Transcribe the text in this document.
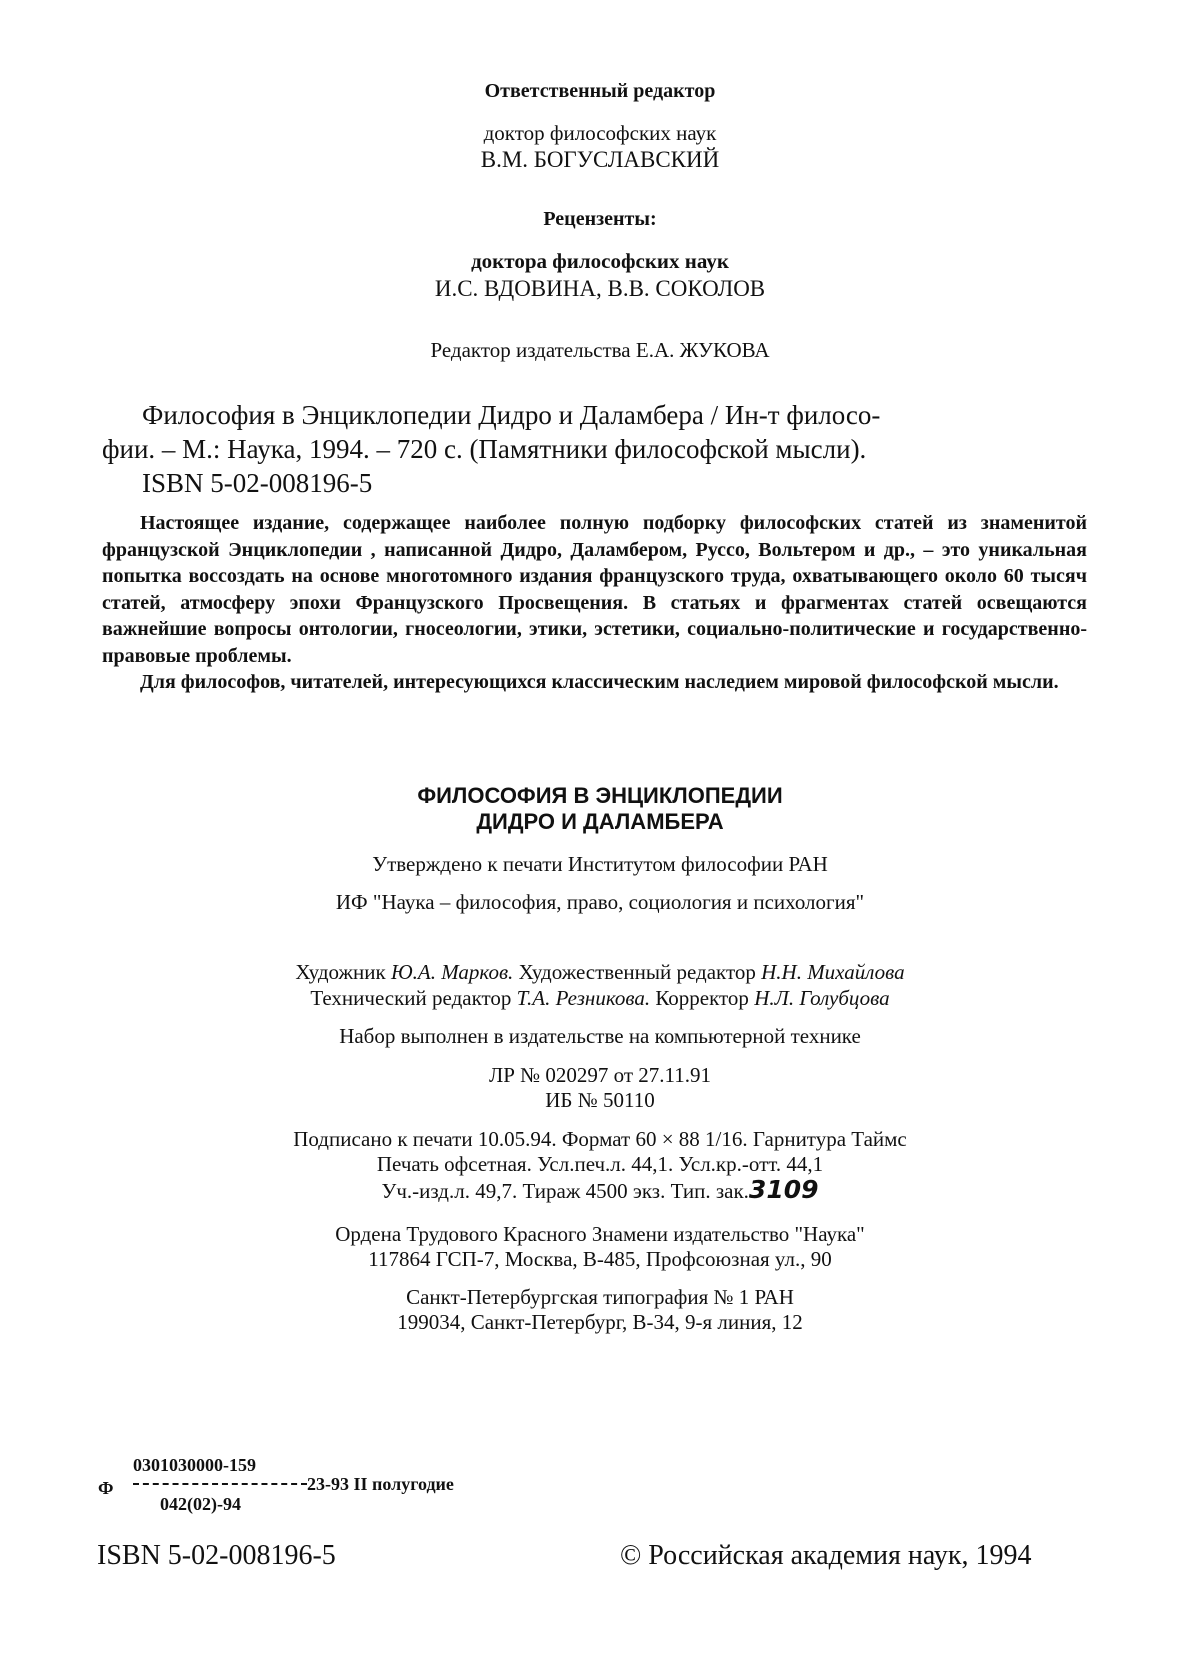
Ответственный редактор
доктор философских наук
В.М. БОГУСЛАВСКИЙ
Рецензенты:
доктора философских наук
И.С. ВДОВИНА, В.В. СОКОЛОВ
Редактор издательства Е.А. ЖУКОВА
Философия в Энциклопедии Дидро и Даламбера / Ин-т филосо-
фии. – М.: Наука, 1994. – 720 с. (Памятники философской мысли).
ISBN 5-02-008196-5

Настоящее издание, содержащее наиболее полную подборку философских статей из знаменитой французской Энциклопедии , написанной Дидро, Даламбером, Руссо, Вольтером и др., – это уникальная попытка воссоздать на основе многотомного издания французского труда, охватывающего около 60 тысяч статей, атмосферу эпохи Французского Просвещения. В статьях и фрагментах статей освещаются важнейшие вопросы онтологии, гносеологии, этики, эстетики, социально-политические и государственно-правовые проблемы.

Для философов, читателей, интересующихся классическим наследием мировой философской мысли.

ФИЛОСОФИЯ В ЭНЦИКЛОПЕДИИ
ДИДРО И ДАЛАМБЕРА
Утверждено к печати Институтом философии РАН
ИФ "Наука – философия, право, социология и психология"
Художник Ю.А. Марков. Художественный редактор Н.Н. Михайлова
Технический редактор Т.А. Резникова. Корректор Н.Л. Голубцова
Набор выполнен в издательстве на компьютерной технике
ЛР № 020297 от 27.11.91
ИБ № 50110
Подписано к печати 10.05.94. Формат 60 × 88 1/16. Гарнитура Таймс
Печать офсетная. Усл.печ.л. 44,1. Усл.кр.-отт. 44,1
Уч.-изд.л. 49,7. Тираж 4500 экз. Тип. зак.3109
Ордена Трудового Красного Знамени издательство "Наука"
117864 ГСП-7, Москва, В-485, Профсоюзная ул., 90
Санкт-Петербургская типография № 1 РАН
199034, Санкт-Петербург, В-34, 9-я линия, 12
Ф
0301030000-159
23-93 II полугодие
042(02)-94
ISBN 5-02-008196-5	© Российская академия наук, 1994
